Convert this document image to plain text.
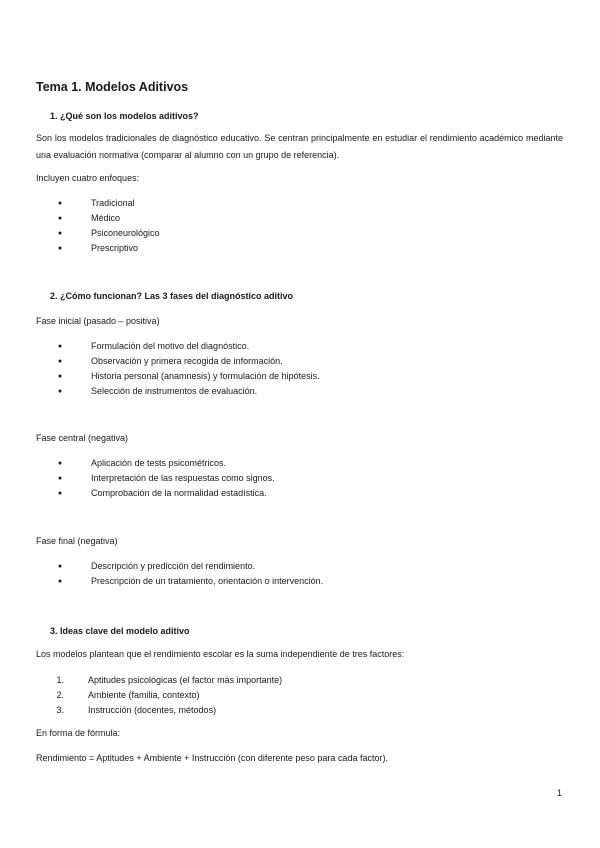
Tema 1. Modelos Aditivos
1. ¿Qué son los modelos aditivos?
Son los modelos tradicionales de diagnóstico educativo. Se centran principalmente en estudiar el rendimiento académico mediante una evaluación normativa (comparar al alumno con un grupo de referencia).
Incluyen cuatro enfoques:
●	Tradicional
●	Médico
●	Psiconeurológico
●	Prescriptivo
2. ¿Cómo funcionan? Las 3 fases del diagnóstico aditivo
Fase inicial (pasado – positiva)
●	Formulación del motivo del diagnóstico.
●	Observación y primera recogida de información.
●	Historia personal (anamnesis) y formulación de hipótesis.
●	Selección de instrumentos de evaluación.
Fase central (negativa)
●	Aplicación de tests psicométricos.
●	Interpretación de las respuestas como signos.
●	Comprobación de la normalidad estadística.
Fase final (negativa)
●	Descripción y predicción del rendimiento.
●	Prescripción de un tratamiento, orientación o intervención.
3. Ideas clave del modelo aditivo
Los modelos plantean que el rendimiento escolar es la suma independiente de tres factores:
1.	Aptitudes psicológicas (el factor más importante)
2.	Ambiente (familia, contexto)
3.	Instrucción (docentes, métodos)
En forma de fórmula:
Rendimiento = Aptitudes + Ambiente + Instrucción (con diferente peso para cada factor).
1
